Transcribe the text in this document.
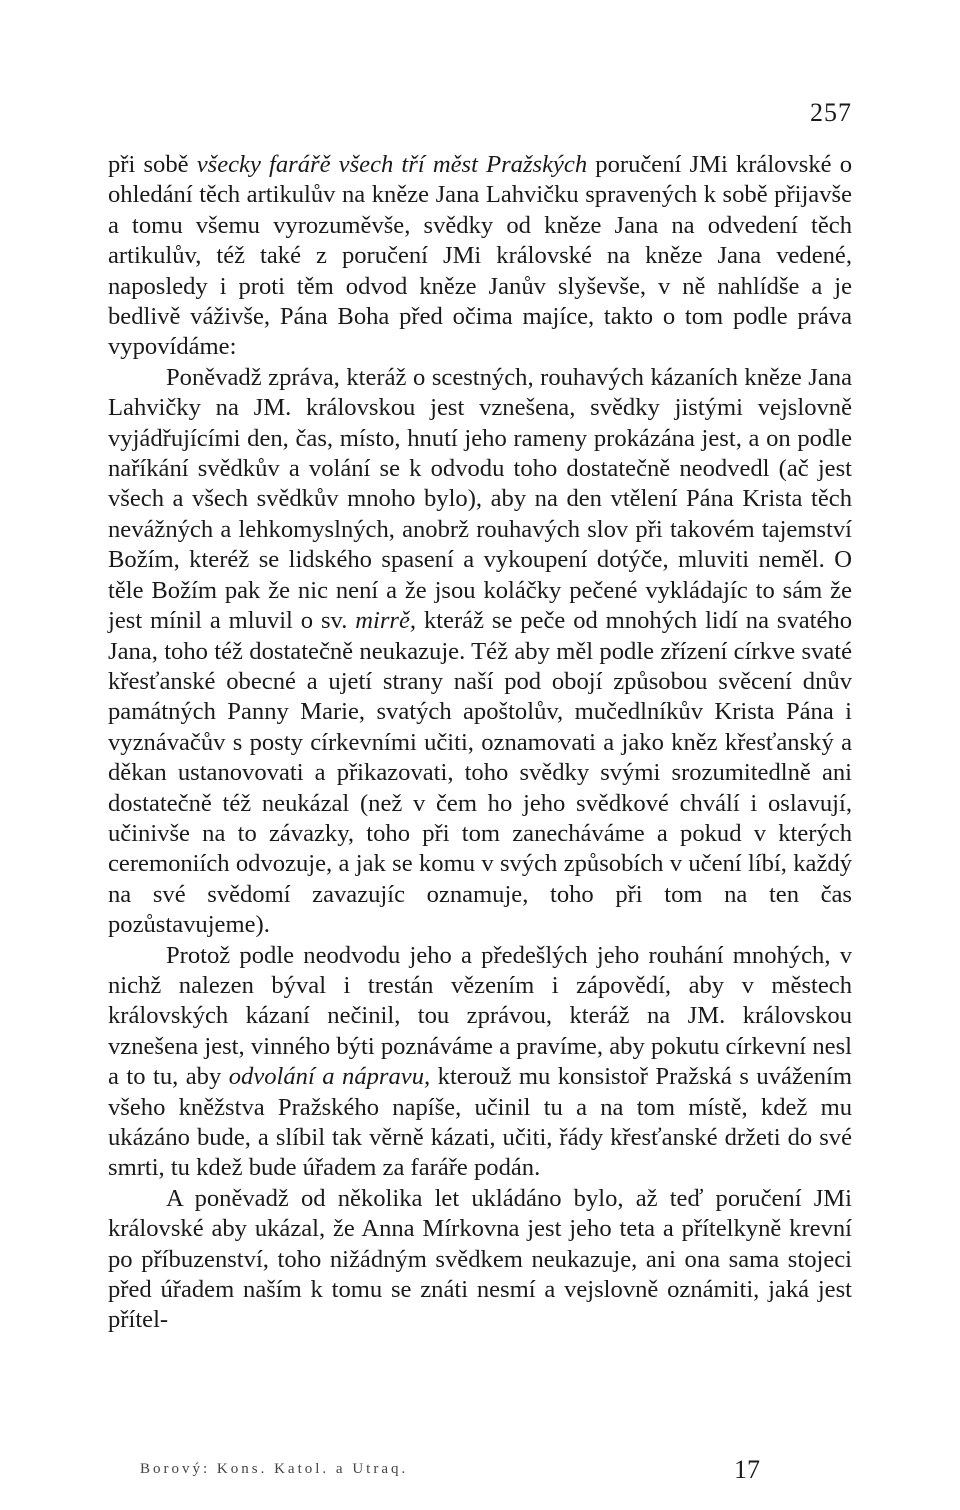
257

při sobě všecky farářě všech tří měst Pražských poručení JMi královské o ohledání těch artikulův na kněze Jana Lahvičku spravených k sobě přijavše a tomu všemu vyrozuměvše, svědky od kněze Jana na odvedení těch artikulův, též také z poručení JMi královské na kněze Jana vedené, naposledy i proti těm odvod kněze Janův slyševše, v ně nahlídše a je bedlivě váživše, Pána Boha před očima majíce, takto o tom podle práva vypovídáme:

Poněvadž zpráva, kteráž o scestných, rouhavých kázaních kněze Jana Lahvičky na JM. královskou jest vznešena, svědky jistými vejslovně vyjádřujícími den, čas, místo, hnutí jeho rameny prokázána jest, a on podle naříkání svědkův a volání se k odvodu toho dostatečně neodvedl (ač jest všech a všech svědkův mnoho bylo), aby na den vtělení Pána Krista těch nevážných a lehkomyslných, anobrž rouhavých slov při takovém tajemství Božím, kteréž se lidského spasení a vykoupení dotýče, mluviti neměl. O těle Božím pak že nic není a že jsou koláčky pečené vykládajíc to sám že jest mínil a mluvil o sv. mirrě, kteráž se peče od mnohých lidí na svatého Jana, toho též dostatečně neukazuje. Též aby měl podle zřízení církve svaté křesťanské obecné a ujetí strany naší pod obojí způsobou svěcení dnův památných Panny Marie, svatých apoštolův, mučedlníkův Krista Pána i vyznávačův s posty církevními učiti, oznamovati a jako kněz křesťanský a děkan ustanovovati a přikazovati, toho svědky svými srozumitedlně ani dostatečně též neukázal (než v čem ho jeho svědkové chválí i oslavují, učinivše na to závazky, toho při tom zanecháváme a pokud v kterých ceremoniích odvozuje, a jak se komu v svých způsobích v učení líbí, každý na své svědomí zavazujíc oznamuje, toho při tom na ten čas pozůstavujeme).

Protož podle neodvodu jeho a předešlých jeho rouhání mnohých, v nichž nalezen býval i trestán vězením i zápovědí, aby v městech královských kázaní nečinil, tou zprávou, kteráž na JM. královskou vznešena jest, vinného býti poznáváme a pravíme, aby pokutu církevní nesl a to tu, aby odvolání a nápravu, kterouž mu konsistoř Pražská s uvážením všeho kněžstva Pražského napíše, učinil tu a na tom místě, kdež mu ukázáno bude, a slíbil tak věrně kázati, učiti, řády křesťanské držeti do své smrti, tu kdež bude úřadem za faráře podán.

A poněvadž od několika let ukládáno bylo, až teď poručení JMi královské aby ukázal, že Anna Mírkovna jest jeho teta a přítelkyně krevní po příbuzenství, toho nižádným svědkem neukazuje, ani ona sama stojeci před úřadem naším k tomu se znáti nesmí a vejslovně oznámiti, jaká jest přítel-

Borový: Kons. Katol. a Utraq.	17
